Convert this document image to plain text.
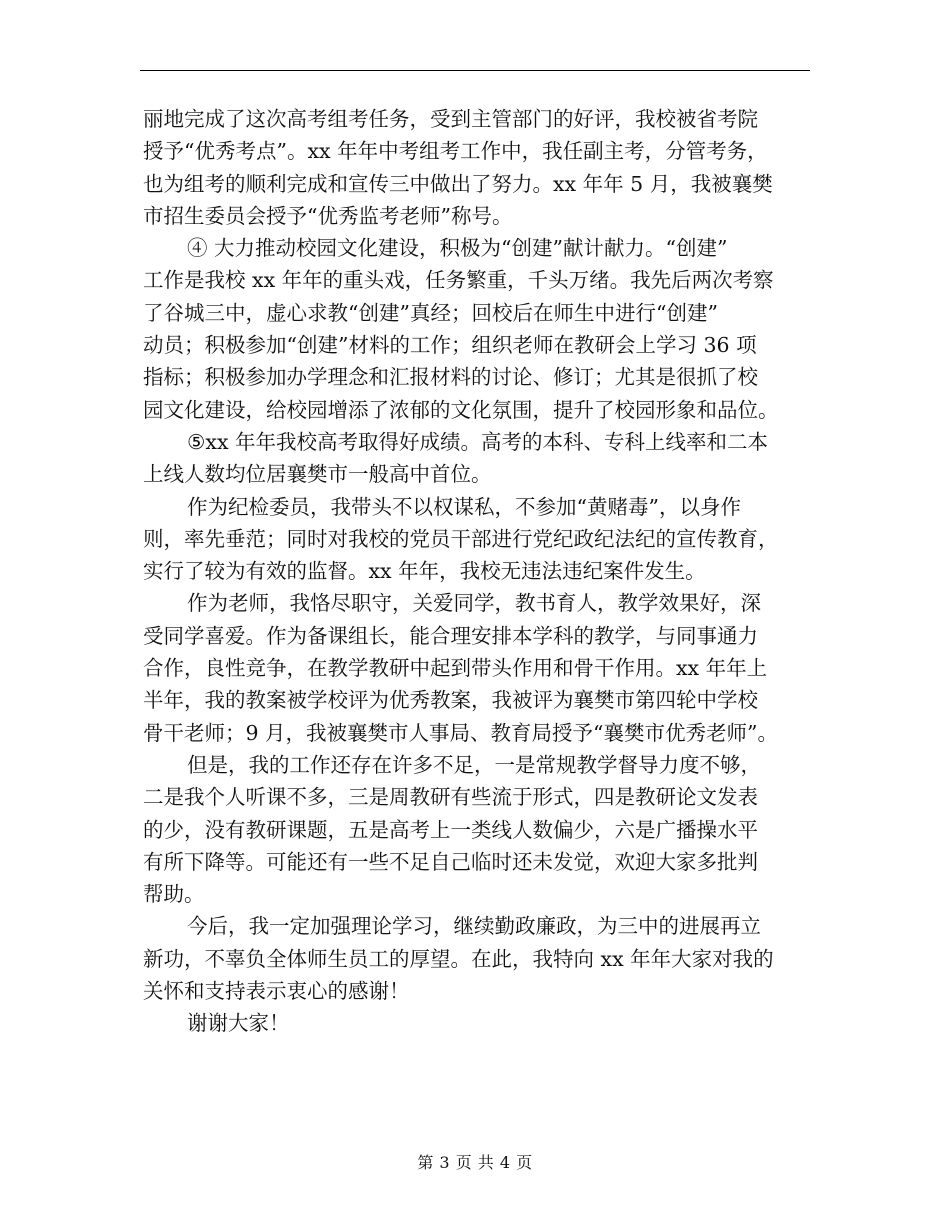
丽地完成了这次高考组考任务，受到主管部门的好评，我校被省考院
授予“优秀考点”。xx 年年中考组考工作中，我任副主考，分管考务，
也为组考的顺利完成和宣传三中做出了努力。xx 年年 5 月，我被襄樊
市招生委员会授予“优秀监考老师”称号。
④ 大力推动校园文化建设，积极为“创建”献计献力。“创建”
工作是我校 xx 年年的重头戏，任务繁重，千头万绪。我先后两次考察
了谷城三中，虚心求教“创建”真经；回校后在师生中进行“创建”
动员；积极参加“创建”材料的工作；组织老师在教研会上学习 36 项
指标；积极参加办学理念和汇报材料的讨论、修订；尤其是很抓了校
园文化建设，给校园增添了浓郁的文化氛围，提升了校园形象和品位。
⑤xx 年年我校高考取得好成绩。高考的本科、专科上线率和二本
上线人数均位居襄樊市一般高中首位。
作为纪检委员，我带头不以权谋私，不参加“黄赌毒”，以身作
则，率先垂范；同时对我校的党员干部进行党纪政纪法纪的宣传教育，
实行了较为有效的监督。xx 年年，我校无违法违纪案件发生。
作为老师，我恪尽职守，关爱同学，教书育人，教学效果好，深
受同学喜爱。作为备课组长，能合理安排本学科的教学，与同事通力
合作，良性竞争，在教学教研中起到带头作用和骨干作用。xx 年年上
半年，我的教案被学校评为优秀教案，我被评为襄樊市第四轮中学校
骨干老师；9 月，我被襄樊市人事局、教育局授予“襄樊市优秀老师”。
但是，我的工作还存在许多不足，一是常规教学督导力度不够，
二是我个人听课不多，三是周教研有些流于形式，四是教研论文发表
的少，没有教研课题，五是高考上一类线人数偏少，六是广播操水平
有所下降等。可能还有一些不足自己临时还未发觉，欢迎大家多批判
帮助。
今后，我一定加强理论学习，继续勤政廉政，为三中的进展再立
新功，不辜负全体师生员工的厚望。在此，我特向 xx 年年大家对我的
关怀和支持表示衷心的感谢！
谢谢大家！
第 3 页 共 4 页
